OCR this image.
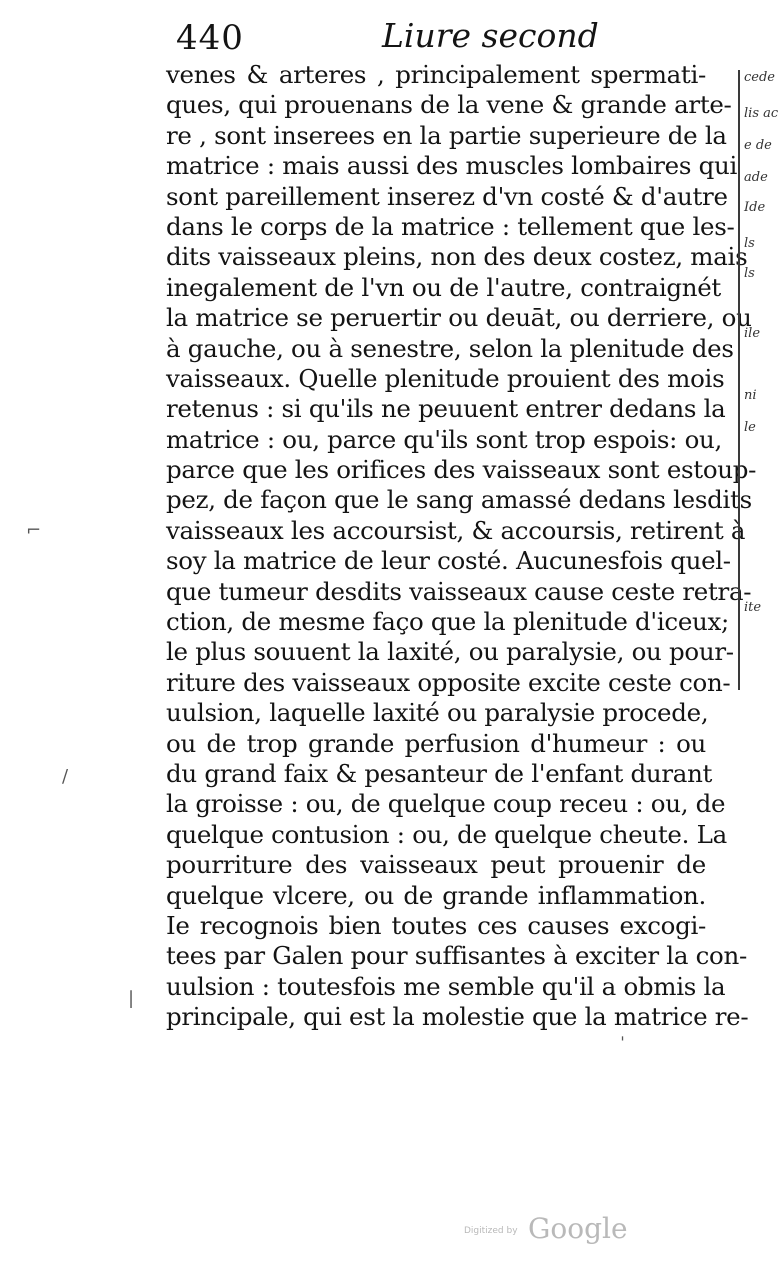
440	Liure second
venes & arteres , principalement spermati-
ques, qui prouenans de la vene & grande arte-
re , sont inserees en la partie superieure de la
matrice : mais aussi des muscles lombaires qui
sont pareillement inserez d'vn costé & d'autre
dans le corps de la matrice : tellement que les-
dits vaisseaux pleins, non des deux costez, mais
inegalement de l'vn ou de l'autre, contraignét
la matrice se peruertir ou deuāt, ou derriere, ou
à gauche, ou à senestre, selon la plenitude des
vaisseaux. Quelle plenitude prouient des mois
retenus : si qu'ils ne peuuent entrer dedans la
matrice : ou, parce qu'ils sont trop espois: ou,
parce que les orifices des vaisseaux sont estoup-
pez, de façon que le sang amassé dedans lesdits
vaisseaux les accoursist, & accoursis, retirent à
soy la matrice de leur costé. Aucunesfois quel-
que tumeur desdits vaisseaux cause ceste retra-
ction, de mesme faço que la plenitude d'iceux;
le plus souuent la laxité, ou paralysie, ou pour-
riture des vaisseaux opposite excite ceste con-
uulsion, laquelle laxité ou paralysie procede,
ou de trop grande perfusion d'humeur : ou
du grand faix & pesanteur de l'enfant durant
la groisse : ou, de quelque coup receu : ou, de
quelque contusion : ou, de quelque cheute. La
pourriture des vaisseaux peut prouenir de
quelque vlcere, ou de grande inflammation.
Ie recognois bien toutes ces causes excogi-
tees par Galen pour suffisantes à exciter la con-
uulsion : toutesfois me semble qu'il a obmis la
principale, qui est la molestie que la matrice re-
cede
lis ac
e de
ade
Ide
ls
ls
ile
ni
le
ite
⌐
/
|
ˈ
Digitized by Google
